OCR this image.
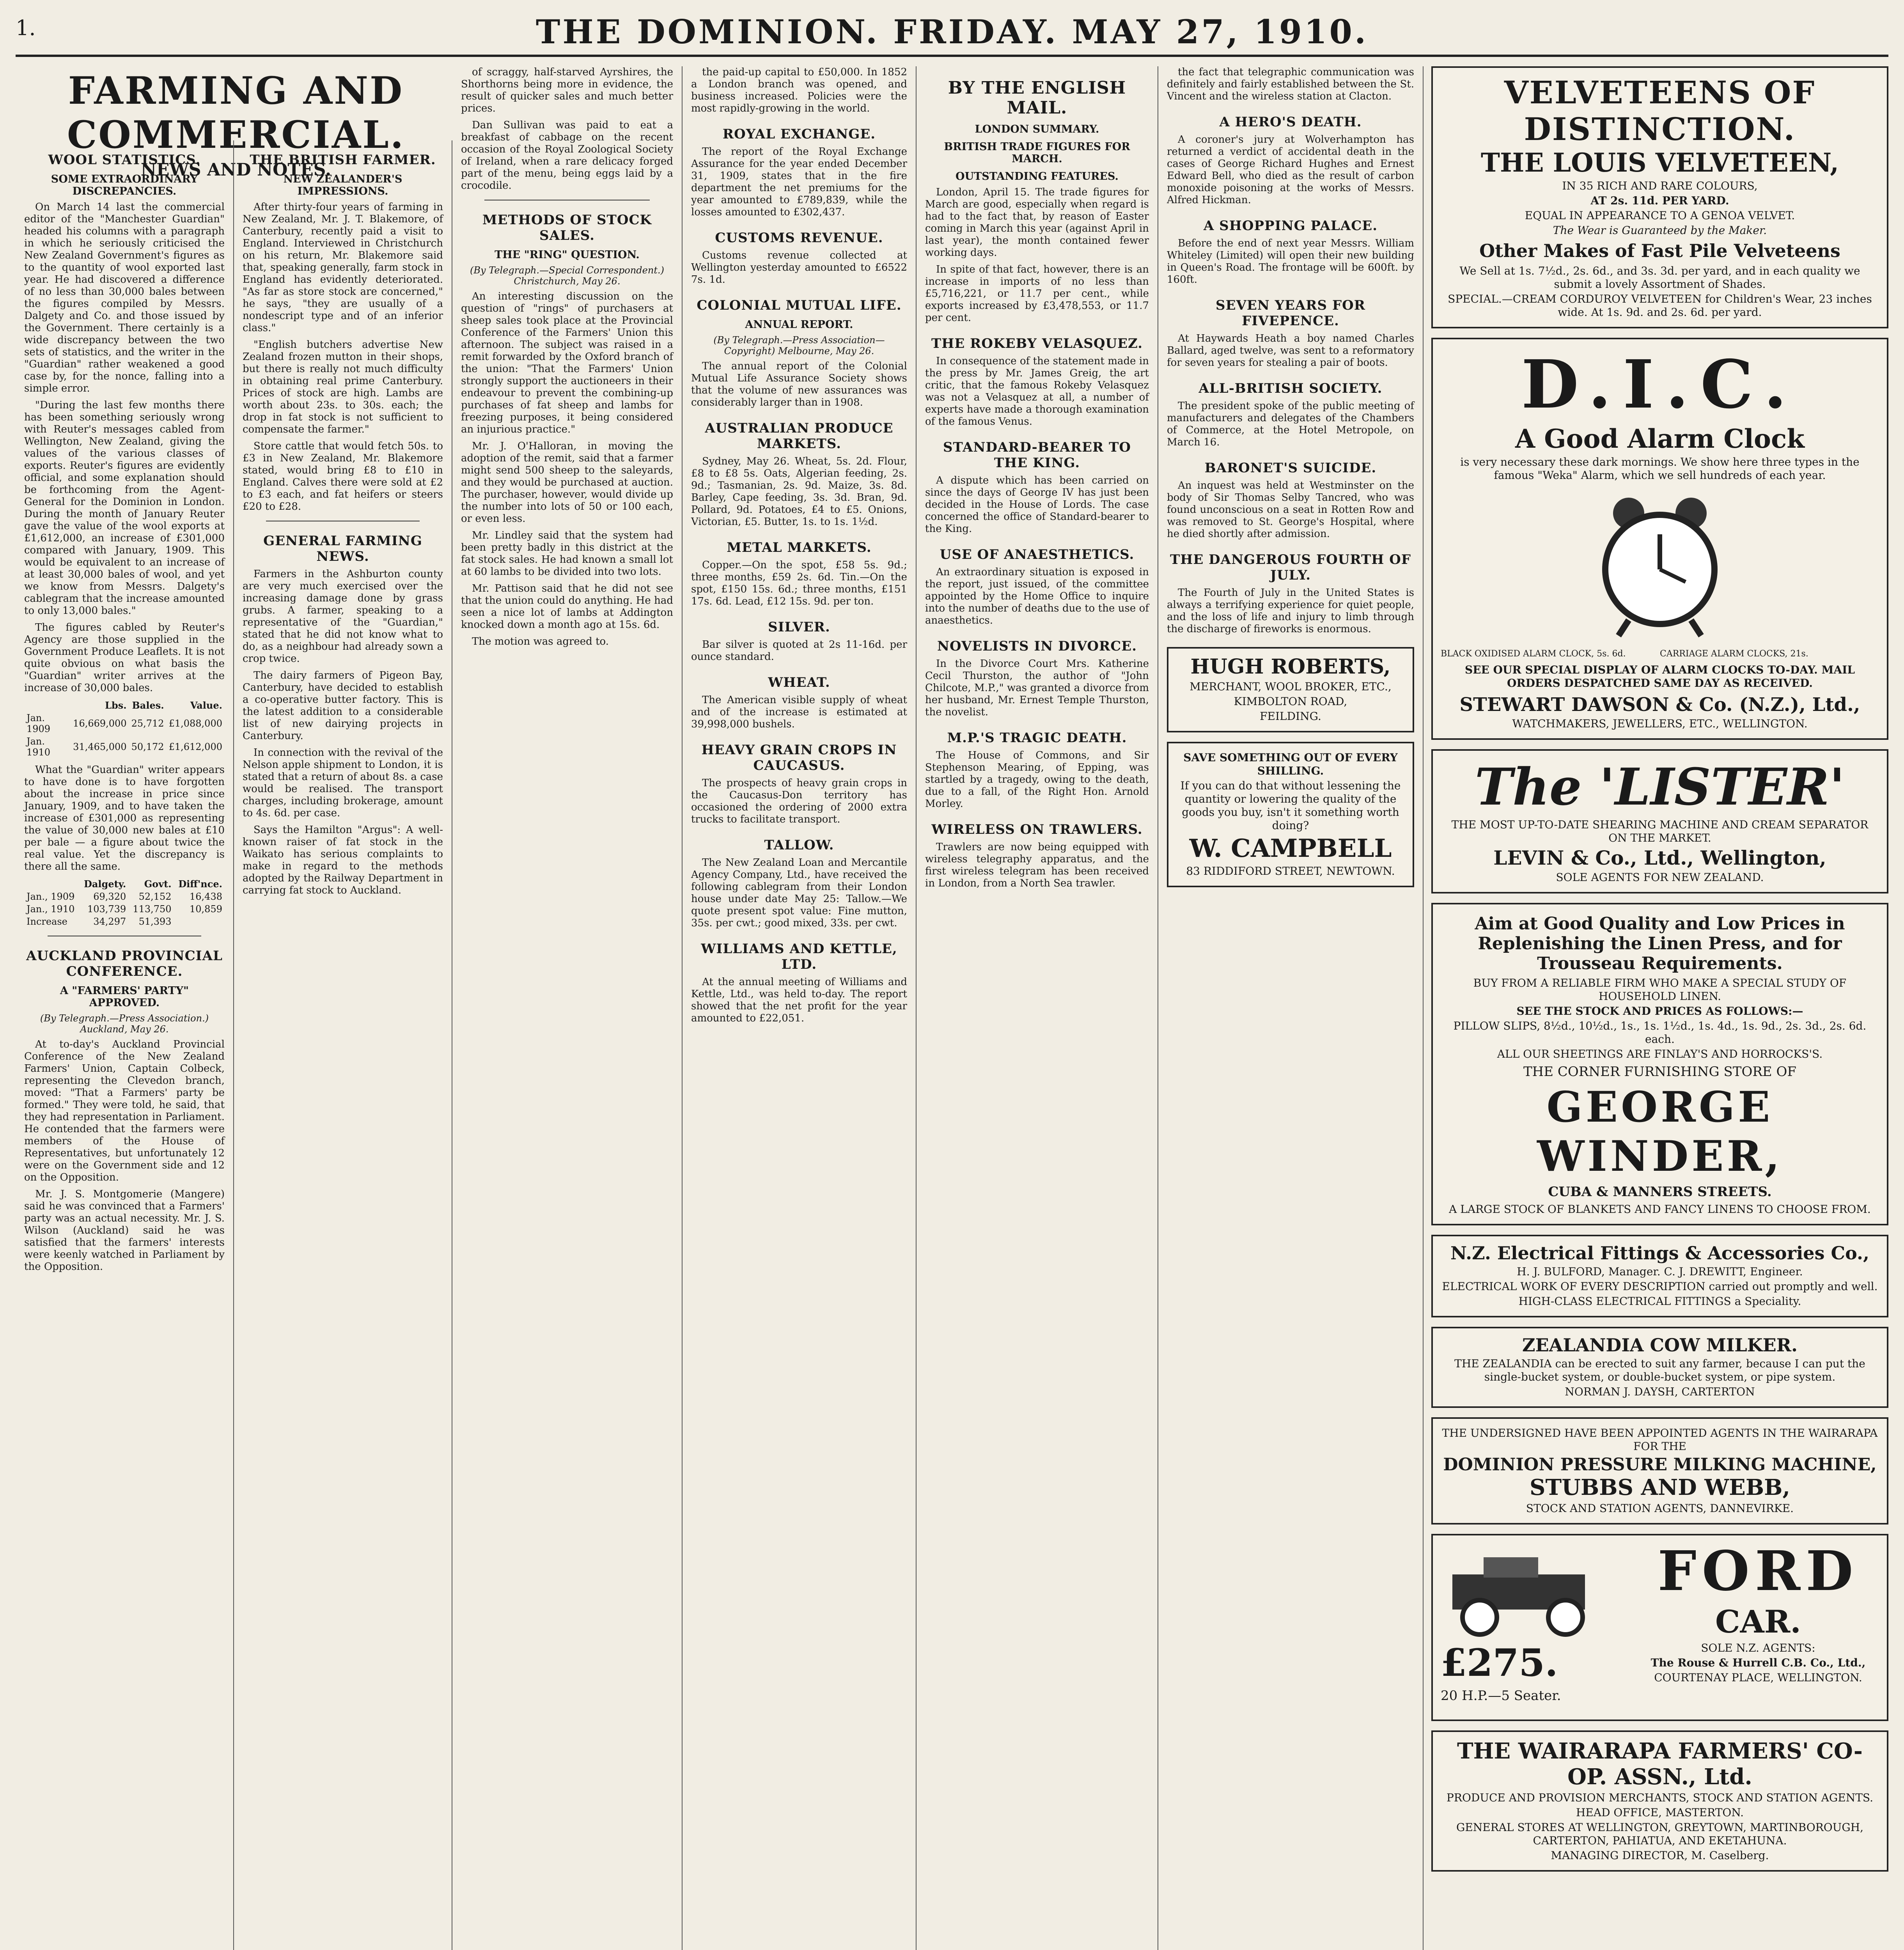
1.	THE DOMINION. FRIDAY. MAY 27, 1910.
FARMING AND COMMERCIAL.
NEWS AND NOTES.
WOOL STATISTICS.
SOME EXTRAORDINARY DISCREPANCIES.

On March 14 last the commercial editor of the "Manchester Guardian" headed his columns with a paragraph in which he seriously criticised the New Zealand Government's figures as to the quantity of wool exported last year. He had discovered a difference of no less than 30,000 bales between the figures compiled by Messrs. Dalgety and Co. and those issued by the Government. There certainly is a wide discrepancy between the two sets of statistics, and the writer in the "Guardian" rather weakened a good case by, for the nonce, falling into a simple error.

"During the last few months there has been something seriously wrong with Reuter's messages cabled from Wellington, New Zealand, giving the values of the various classes of exports. Reuter's figures are evidently official, and some explanation should be forthcoming from the Agent-General for the Dominion in London. During the month of January Reuter gave the value of the wool exports at £1,612,000, an increase of £301,000 compared with January, 1909. This would be equivalent to an increase of at least 30,000 bales of wool, and yet we know from Messrs. Dalgety's cablegram that the increase amounted to only 13,000 bales."

The figures cabled by Reuter's Agency are those supplied in the Government Produce Leaflets. It is not quite obvious on what basis the "Guardian" writer arrives at the increase of 30,000 bales.

	Lbs.	Bales.	Value.
Jan. 1909	16,669,000	25,712	£1,088,000
Jan. 1910	31,465,000	50,172	£1,612,000

What the "Guardian" writer appears to have done is to have forgotten about the increase in price since January, 1909, and to have taken the increase of £301,000 as representing the value of 30,000 new bales at £10 per bale — a figure about twice the real value. Yet the discrepancy is there all the same.

	Dalgety.	Govt.	Diff'nce.
Jan., 1909	69,320	52,152	16,438
Jan., 1910	103,739	113,750	10,859
Increase	34,297	51,393	
AUCKLAND PROVINCIAL CONFERENCE.
A "FARMERS' PARTY" APPROVED.
(By Telegraph.—Press Association.) Auckland, May 26.

At to-day's Auckland Provincial Conference of the New Zealand Farmers' Union, Captain Colbeck, representing the Clevedon branch, moved: "That a Farmers' party be formed." They were told, he said, that they had representation in Parliament. He contended that the farmers were members of the House of Representatives, but unfortunately 12 were on the Government side and 12 on the Opposition.

Mr. J. S. Montgomerie (Mangere) said he was convinced that a Farmers' party was an actual necessity. Mr. J. S. Wilson (Auckland) said he was satisfied that the farmers' interests were keenly watched in Parliament by the Opposition.

THE BRITISH FARMER.
NEW ZEALANDER'S IMPRESSIONS.

After thirty-four years of farming in New Zealand, Mr. J. T. Blakemore, of Canterbury, recently paid a visit to England. Interviewed in Christchurch on his return, Mr. Blakemore said that, speaking generally, farm stock in England has evidently deteriorated. "As far as store stock are concerned," he says, "they are usually of a nondescript type and of an inferior class."

"English butchers advertise New Zealand frozen mutton in their shops, but there is really not much difficulty in obtaining real prime Canterbury. Prices of stock are high. Lambs are worth about 23s. to 30s. each; the drop in fat stock is not sufficient to compensate the farmer."

Store cattle that would fetch 50s. to £3 in New Zealand, Mr. Blakemore stated, would bring £8 to £10 in England. Calves there were sold at £2 to £3 each, and fat heifers or steers £20 to £28.

GENERAL FARMING NEWS.

Farmers in the Ashburton county are very much exercised over the increasing damage done by grass grubs. A farmer, speaking to a representative of the "Guardian," stated that he did not know what to do, as a neighbour had already sown a crop twice.

The dairy farmers of Pigeon Bay, Canterbury, have decided to establish a co-operative butter factory. This is the latest addition to a considerable list of new dairying projects in Canterbury.

In connection with the revival of the Nelson apple shipment to London, it is stated that a return of about 8s. a case would be realised. The transport charges, including brokerage, amount to 4s. 6d. per case.

Says the Hamilton "Argus": A well-known raiser of fat stock in the Waikato has serious complaints to make in regard to the methods adopted by the Railway Department in carrying fat stock to Auckland.

of scraggy, half-starved Ayrshires, the Shorthorns being more in evidence, the result of quicker sales and much better prices.

Dan Sullivan was paid to eat a breakfast of cabbage on the recent occasion of the Royal Zoological Society of Ireland, when a rare delicacy forged part of the menu, being eggs laid by a crocodile.

METHODS OF STOCK SALES.
THE "RING" QUESTION.
(By Telegraph.—Special Correspondent.) Christchurch, May 26.

An interesting discussion on the question of "rings" of purchasers at sheep sales took place at the Provincial Conference of the Farmers' Union this afternoon. The subject was raised in a remit forwarded by the Oxford branch of the union: "That the Farmers' Union strongly support the auctioneers in their endeavour to prevent the combining-up purchases of fat sheep and lambs for freezing purposes, it being considered an injurious practice."

Mr. J. O'Halloran, in moving the adoption of the remit, said that a farmer might send 500 sheep to the saleyards, and they would be purchased at auction. The purchaser, however, would divide up the number into lots of 50 or 100 each, or even less.

Mr. Lindley said that the system had been pretty badly in this district at the fat stock sales. He had known a small lot at 60 lambs to be divided into two lots.

Mr. Pattison said that he did not see that the union could do anything. He had seen a nice lot of lambs at Addington knocked down a month ago at 15s. 6d.

The motion was agreed to.

the paid-up capital to £50,000. In 1852 a London branch was opened, and business increased. Policies were the most rapidly-growing in the world.

ROYAL EXCHANGE.

The report of the Royal Exchange Assurance for the year ended December 31, 1909, states that in the fire department the net premiums for the year amounted to £789,839, while the losses amounted to £302,437.

CUSTOMS REVENUE.

Customs revenue collected at Wellington yesterday amounted to £6522 7s. 1d.

COLONIAL MUTUAL LIFE.
ANNUAL REPORT.
(By Telegraph.—Press Association—Copyright) Melbourne, May 26.

The annual report of the Colonial Mutual Life Assurance Society shows that the volume of new assurances was considerably larger than in 1908.

AUSTRALIAN PRODUCE MARKETS.

Sydney, May 26. Wheat, 5s. 2d. Flour, £8 to £8 5s. Oats, Algerian feeding, 2s. 9d.; Tasmanian, 2s. 9d. Maize, 3s. 8d. Barley, Cape feeding, 3s. 3d. Bran, 9d. Pollard, 9d. Potatoes, £4 to £5. Onions, Victorian, £5. Butter, 1s. to 1s. 1½d.

METAL MARKETS.

Copper.—On the spot, £58 5s. 9d.; three months, £59 2s. 6d. Tin.—On the spot, £150 15s. 6d.; three months, £151 17s. 6d. Lead, £12 15s. 9d. per ton.

SILVER.

Bar silver is quoted at 2s 11-16d. per ounce standard.

WHEAT.

The American visible supply of wheat and of the increase is estimated at 39,998,000 bushels.

HEAVY GRAIN CROPS IN CAUCASUS.

The prospects of heavy grain crops in the Caucasus-Don territory has occasioned the ordering of 2000 extra trucks to facilitate transport.

TALLOW.

The New Zealand Loan and Mercantile Agency Company, Ltd., have received the following cablegram from their London house under date May 25: Tallow.—We quote present spot value: Fine mutton, 35s. per cwt.; good mixed, 33s. per cwt.

WILLIAMS AND KETTLE, LTD.

At the annual meeting of Williams and Kettle, Ltd., was held to-day. The report showed that the net profit for the year amounted to £22,051.

BY THE ENGLISH MAIL.
LONDON SUMMARY.
BRITISH TRADE FIGURES FOR MARCH.
OUTSTANDING FEATURES.

London, April 15. The trade figures for March are good, especially when regard is had to the fact that, by reason of Easter coming in March this year (against April in last year), the month contained fewer working days.

In spite of that fact, however, there is an increase in imports of no less than £5,716,221, or 11.7 per cent., while exports increased by £3,478,553, or 11.7 per cent.

THE ROKEBY VELASQUEZ.

In consequence of the statement made in the press by Mr. James Greig, the art critic, that the famous Rokeby Velasquez was not a Velasquez at all, a number of experts have made a thorough examination of the famous Venus.

STANDARD-BEARER TO THE KING.

A dispute which has been carried on since the days of George IV has just been decided in the House of Lords. The case concerned the office of Standard-bearer to the King.

USE OF ANAESTHETICS.

An extraordinary situation is exposed in the report, just issued, of the committee appointed by the Home Office to inquire into the number of deaths due to the use of anaesthetics.

NOVELISTS IN DIVORCE.

In the Divorce Court Mrs. Katherine Cecil Thurston, the author of "John Chilcote, M.P.," was granted a divorce from her husband, Mr. Ernest Temple Thurston, the novelist.

M.P.'S TRAGIC DEATH.

The House of Commons, and Sir Stephenson Mearing, of Epping, was startled by a tragedy, owing to the death, due to a fall, of the Right Hon. Arnold Morley.

WIRELESS ON TRAWLERS.

Trawlers are now being equipped with wireless telegraphy apparatus, and the first wireless telegram has been received in London, from a North Sea trawler.

the fact that telegraphic communication was definitely and fairly established between the St. Vincent and the wireless station at Clacton.

A HERO'S DEATH.

A coroner's jury at Wolverhampton has returned a verdict of accidental death in the cases of George Richard Hughes and Ernest Edward Bell, who died as the result of carbon monoxide poisoning at the works of Messrs. Alfred Hickman.

A SHOPPING PALACE.

Before the end of next year Messrs. William Whiteley (Limited) will open their new building in Queen's Road. The frontage will be 600ft. by 160ft.

SEVEN YEARS FOR FIVEPENCE.

At Haywards Heath a boy named Charles Ballard, aged twelve, was sent to a reformatory for seven years for stealing a pair of boots.

ALL-BRITISH SOCIETY.

The president spoke of the public meeting of manufacturers and delegates of the Chambers of Commerce, at the Hotel Metropole, on March 16.

BARONET'S SUICIDE.

An inquest was held at Westminster on the body of Sir Thomas Selby Tancred, who was found unconscious on a seat in Rotten Row and was removed to St. George's Hospital, where he died shortly after admission.

THE DANGEROUS FOURTH OF JULY.

The Fourth of July in the United States is always a terrifying experience for quiet people, and the loss of life and injury to limb through the discharge of fireworks is enormous.

HUGH ROBERTS,
MERCHANT, WOOL BROKER, ETC.,
KIMBOLTON ROAD,
FEILDING.
SAVE SOMETHING OUT OF EVERY SHILLING.
If you can do that without lessening the quantity or lowering the quality of the goods you buy, isn't it something worth doing?
W. CAMPBELL
83 RIDDIFORD STREET, NEWTOWN.
VELVETEENS OF DISTINCTION.
THE LOUIS VELVETEEN,
IN 35 RICH AND RARE COLOURS,
AT 2s. 11d. PER YARD.
EQUAL IN APPEARANCE TO A GENOA VELVET.
The Wear is Guaranteed by the Maker.
Other Makes of Fast Pile Velveteens
We Sell at 1s. 7½d., 2s. 6d., and 3s. 3d. per yard, and in each quality we submit a lovely Assortment of Shades.
SPECIAL.—CREAM CORDUROY VELVETEEN for Children's Wear, 23 inches wide. At 1s. 9d. and 2s. 6d. per yard.
D.I.C.
A Good Alarm Clock
is very necessary these dark mornings. We show here three types in the famous "Weka" Alarm, which we sell hundreds of each year.
BLACK OXIDISED ALARM CLOCK, 5s. 6d.	CARRIAGE ALARM CLOCKS, 21s.
SEE OUR SPECIAL DISPLAY OF ALARM CLOCKS TO-DAY. MAIL ORDERS DESPATCHED SAME DAY AS RECEIVED.
STEWART DAWSON & Co. (N.Z.), Ltd.,
WATCHMAKERS, JEWELLERS, ETC., WELLINGTON.
The 'LISTER'
THE MOST UP-TO-DATE SHEARING MACHINE AND CREAM SEPARATOR ON THE MARKET.
LEVIN & Co., Ltd., Wellington,
SOLE AGENTS FOR NEW ZEALAND.
Aim at Good Quality and Low Prices in Replenishing the Linen Press, and for Trousseau Requirements.
BUY FROM A RELIABLE FIRM WHO MAKE A SPECIAL STUDY OF HOUSEHOLD LINEN.
SEE THE STOCK AND PRICES AS FOLLOWS:—
PILLOW SLIPS, 8½d., 10½d., 1s., 1s. 1½d., 1s. 4d., 1s. 9d., 2s. 3d., 2s. 6d. each.
ALL OUR SHEETINGS ARE FINLAY'S AND HORROCKS'S.
THE CORNER FURNISHING STORE OF
GEORGE WINDER,
CUBA & MANNERS STREETS.
A LARGE STOCK OF BLANKETS AND FANCY LINENS TO CHOOSE FROM.
N.Z. Electrical Fittings & Accessories Co.,
H. J. BULFORD, Manager. C. J. DREWITT, Engineer.
ELECTRICAL WORK OF EVERY DESCRIPTION carried out promptly and well.
HIGH-CLASS ELECTRICAL FITTINGS a Speciality.
ZEALANDIA COW MILKER.
THE ZEALANDIA can be erected to suit any farmer, because I can put the single-bucket system, or double-bucket system, or pipe system.
NORMAN J. DAYSH, CARTERTON
THE UNDERSIGNED HAVE BEEN APPOINTED AGENTS IN THE WAIRARAPA FOR THE
DOMINION PRESSURE MILKING MACHINE,
STUBBS AND WEBB,
STOCK AND STATION AGENTS, DANNEVIRKE.
FORD
CAR.
SOLE N.Z. AGENTS:
The Rouse & Hurrell C.B. Co., Ltd.,
COURTENAY PLACE, WELLINGTON.
£275.
20 H.P.—5 Seater.
THE WAIRARAPA FARMERS' CO-OP. ASSN., Ltd.
PRODUCE AND PROVISION MERCHANTS, STOCK AND STATION AGENTS.
HEAD OFFICE, MASTERTON.
GENERAL STORES AT WELLINGTON, GREYTOWN, MARTINBOROUGH, CARTERTON, PAHIATUA, AND EKETAHUNA.
MANAGING DIRECTOR, M. Caselberg.
